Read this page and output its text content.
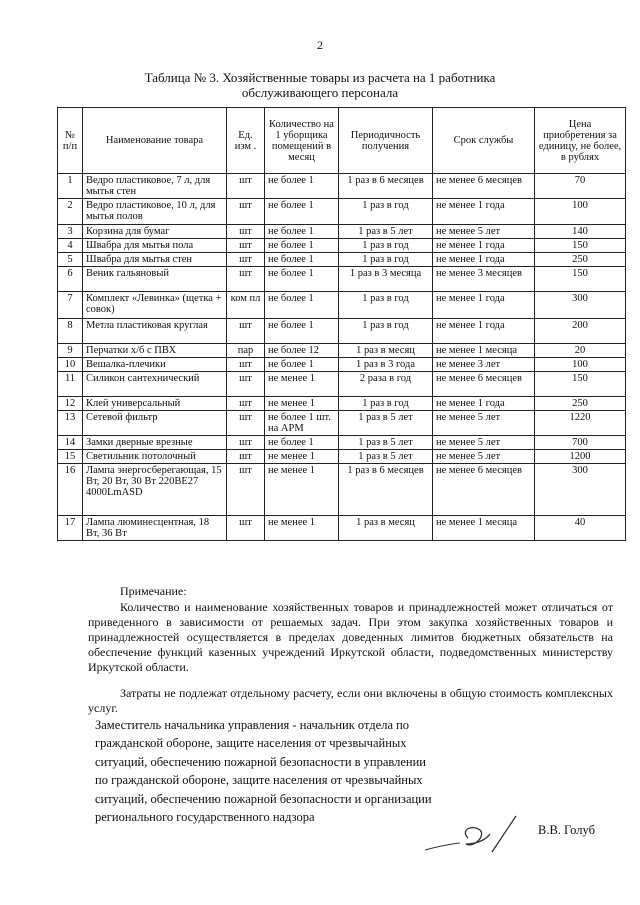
2
Таблица № 3. Хозяйственные товары из расчета на 1 работника обслуживающего персонала
№ п/п	Наименование товара	Ед. изм .	Количество на 1 уборщика помещений в месяц	Периодичность получения	Срок службы	Цена приобретения за единицу, не более, в рублях
1	Ведро пластиковое, 7 л, для мытья стен	шт	не более 1	1 раз в 6 месяцев	не менее 6 месяцев	70
2	Ведро пластиковое, 10 л, для мытья полов	шт	не более 1	1 раз в год	не менее 1 года	100
3	Корзина для бумаг	шт	не более 1	1 раз в 5 лет	не менее 5 лет	140
4	Швабра для мытья пола	шт	не более 1	1 раз в год	не менее 1 года	150
5	Швабра для мытья стен	шт	не более 1	1 раз в год	не менее 1 года	250
6	Веник гальяновый	шт	не более 1	1 раз в 3 месяца	не менее 3 месяцев	150
7	Комплект «Левинка» (щетка + совок)	ком пл	не более 1	1 раз в год	не менее 1 года	300
8	Метла пластиковая круглая	шт	не более 1	1 раз в год	не менее 1 года	200
9	Перчатки х/б с ПВХ	пар	не более 12	1 раз в месяц	не менее 1 месяца	20
10	Вешалка-плечики	шт	не более 1	1 раз в 3 года	не менее 3 лет	100
11	Силикон сантехнический	шт	не менее 1	2 раза в год	не менее 6 месяцев	150
12	Клей универсальный	шт	не менее 1	1 раз в год	не менее 1 года	250
13	Сетевой фильтр	шт	не более 1 шт. на АРМ	1 раз в 5 лет	не менее 5 лет	1220
14	Замки дверные врезные	шт	не более 1	1 раз в 5 лет	не менее 5 лет	700
15	Светильник потолочный	шт	не менее 1	1 раз в 5 лет	не менее 5 лет	1200
16	Лампа энергосберегающая, 15 Вт, 20 Вт, 30 Вт 220ВЕ27 4000LmASD	шт	не менее 1	1 раз в 6 месяцев	не менее 6 месяцев	300
17	Лампа люминесцентная, 18 Вт, 36 Вт	шт	не менее 1	1 раз в месяц	не менее 1 месяца	40
Примечание:
Количество и наименование хозяйственных товаров и принадлежностей может отличаться от приведенного в зависимости от решаемых задач. При этом закупка хозяйственных товаров и принадлежностей осуществляется в пределах доведенных лимитов бюджетных обязательств на обеспечение функций казенных учреждений Иркутской области, подведомственных министерству Иркутской области.
Затраты не подлежат отдельному расчету, если они включены в общую стоимость комплексных услуг.
Заместитель начальника управления - начальник отдела по гражданской обороне, защите населения от чрезвычайных ситуаций, обеспечению пожарной безопасности в управлении по гражданской обороне, защите населения от чрезвычайных ситуаций, обеспечению пожарной безопасности и организации регионального государственного надзора
В.В. Голуб
